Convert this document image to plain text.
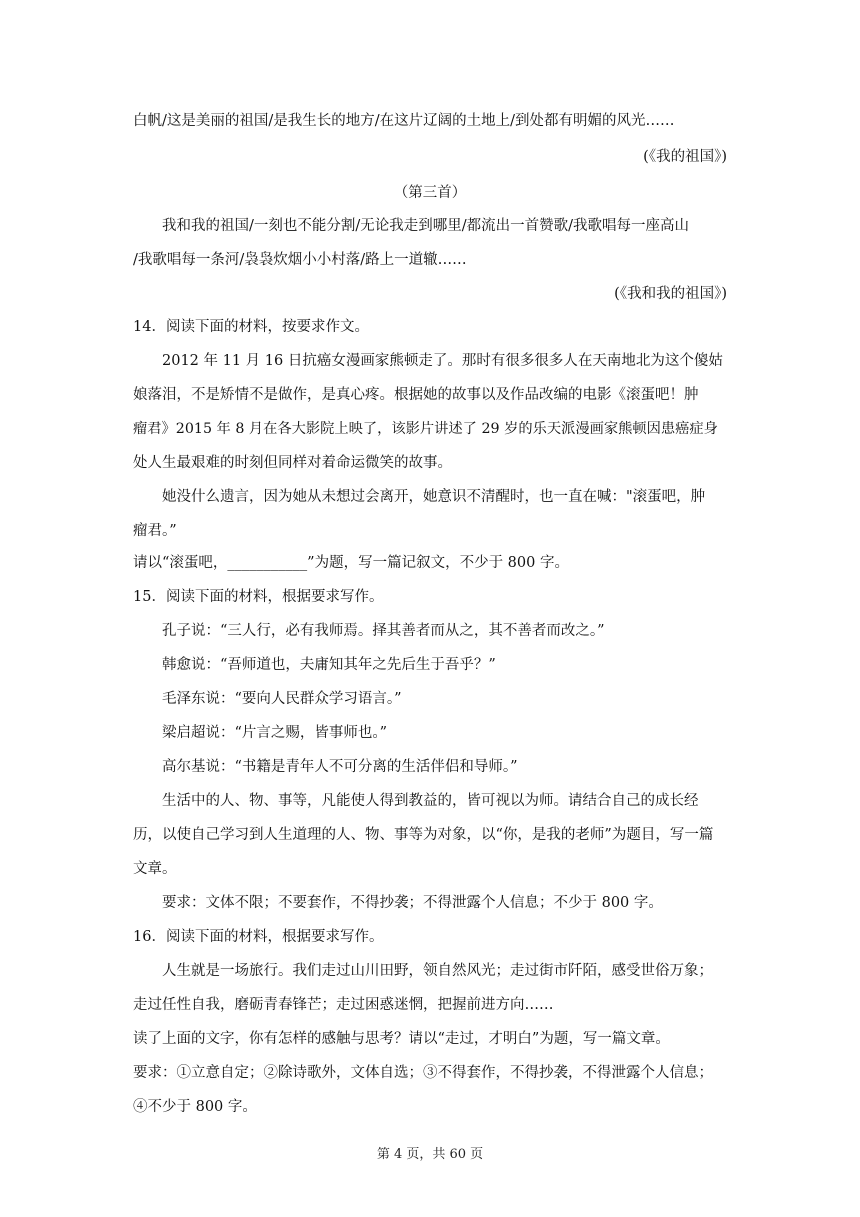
白帆/这是美丽的祖国/是我生长的地方/在这片辽阔的土地上/到处都有明媚的风光……
(《我的祖国》)
（第三首）
我和我的祖国/一刻也不能分割/无论我走到哪里/都流出一首赞歌/我歌唱每一座高山
/我歌唱每一条河/袅袅炊烟小小村落/路上一道辙……
(《我和我的祖国》)
14．阅读下面的材料，按要求作文。
2012 年 11 月 16 日抗癌女漫画家熊顿走了。那时有很多很多人在天南地北为这个傻姑
娘落泪，不是矫情不是做作，是真心疼。根据她的故事以及作品改编的电影《滚蛋吧！肿
瘤君》2015 年 8 月在各大影院上映了，该影片讲述了 29 岁的乐天派漫画家熊顿因患癌症身
处人生最艰难的时刻但同样对着命运微笑的故事。
她没什么遗言，因为她从未想过会离开，她意识不清醒时，也一直在喊："滚蛋吧，肿
瘤君。”
请以“滚蛋吧，___________”为题，写一篇记叙文，不少于 800 字。
15．阅读下面的材料，根据要求写作。
孔子说：“三人行，必有我师焉。择其善者而从之，其不善者而改之。”
韩愈说：“吾师道也，夫庸知其年之先后生于吾乎？”
毛泽东说：“要向人民群众学习语言。”
梁启超说：“片言之赐，皆事师也。”
高尔基说：“书籍是青年人不可分离的生活伴侣和导师。”
生活中的人、物、事等，凡能使人得到教益的，皆可视以为师。请结合自己的成长经
历，以使自己学习到人生道理的人、物、事等为对象，以“你，是我的老师”为题目，写一篇
文章。
要求：文体不限；不要套作，不得抄袭；不得泄露个人信息；不少于 800 字。
16．阅读下面的材料，根据要求写作。
人生就是一场旅行。我们走过山川田野，领自然风光；走过街市阡陌，感受世俗万象；
走过任性自我，磨砺青春锋芒；走过困惑迷惘，把握前进方向……
读了上面的文字，你有怎样的感触与思考？请以“走过，才明白”为题，写一篇文章。
要求：①立意自定；②除诗歌外，文体自选；③不得套作，不得抄袭，不得泄露个人信息；
④不少于 800 字。
第 4 页，共 60 页
